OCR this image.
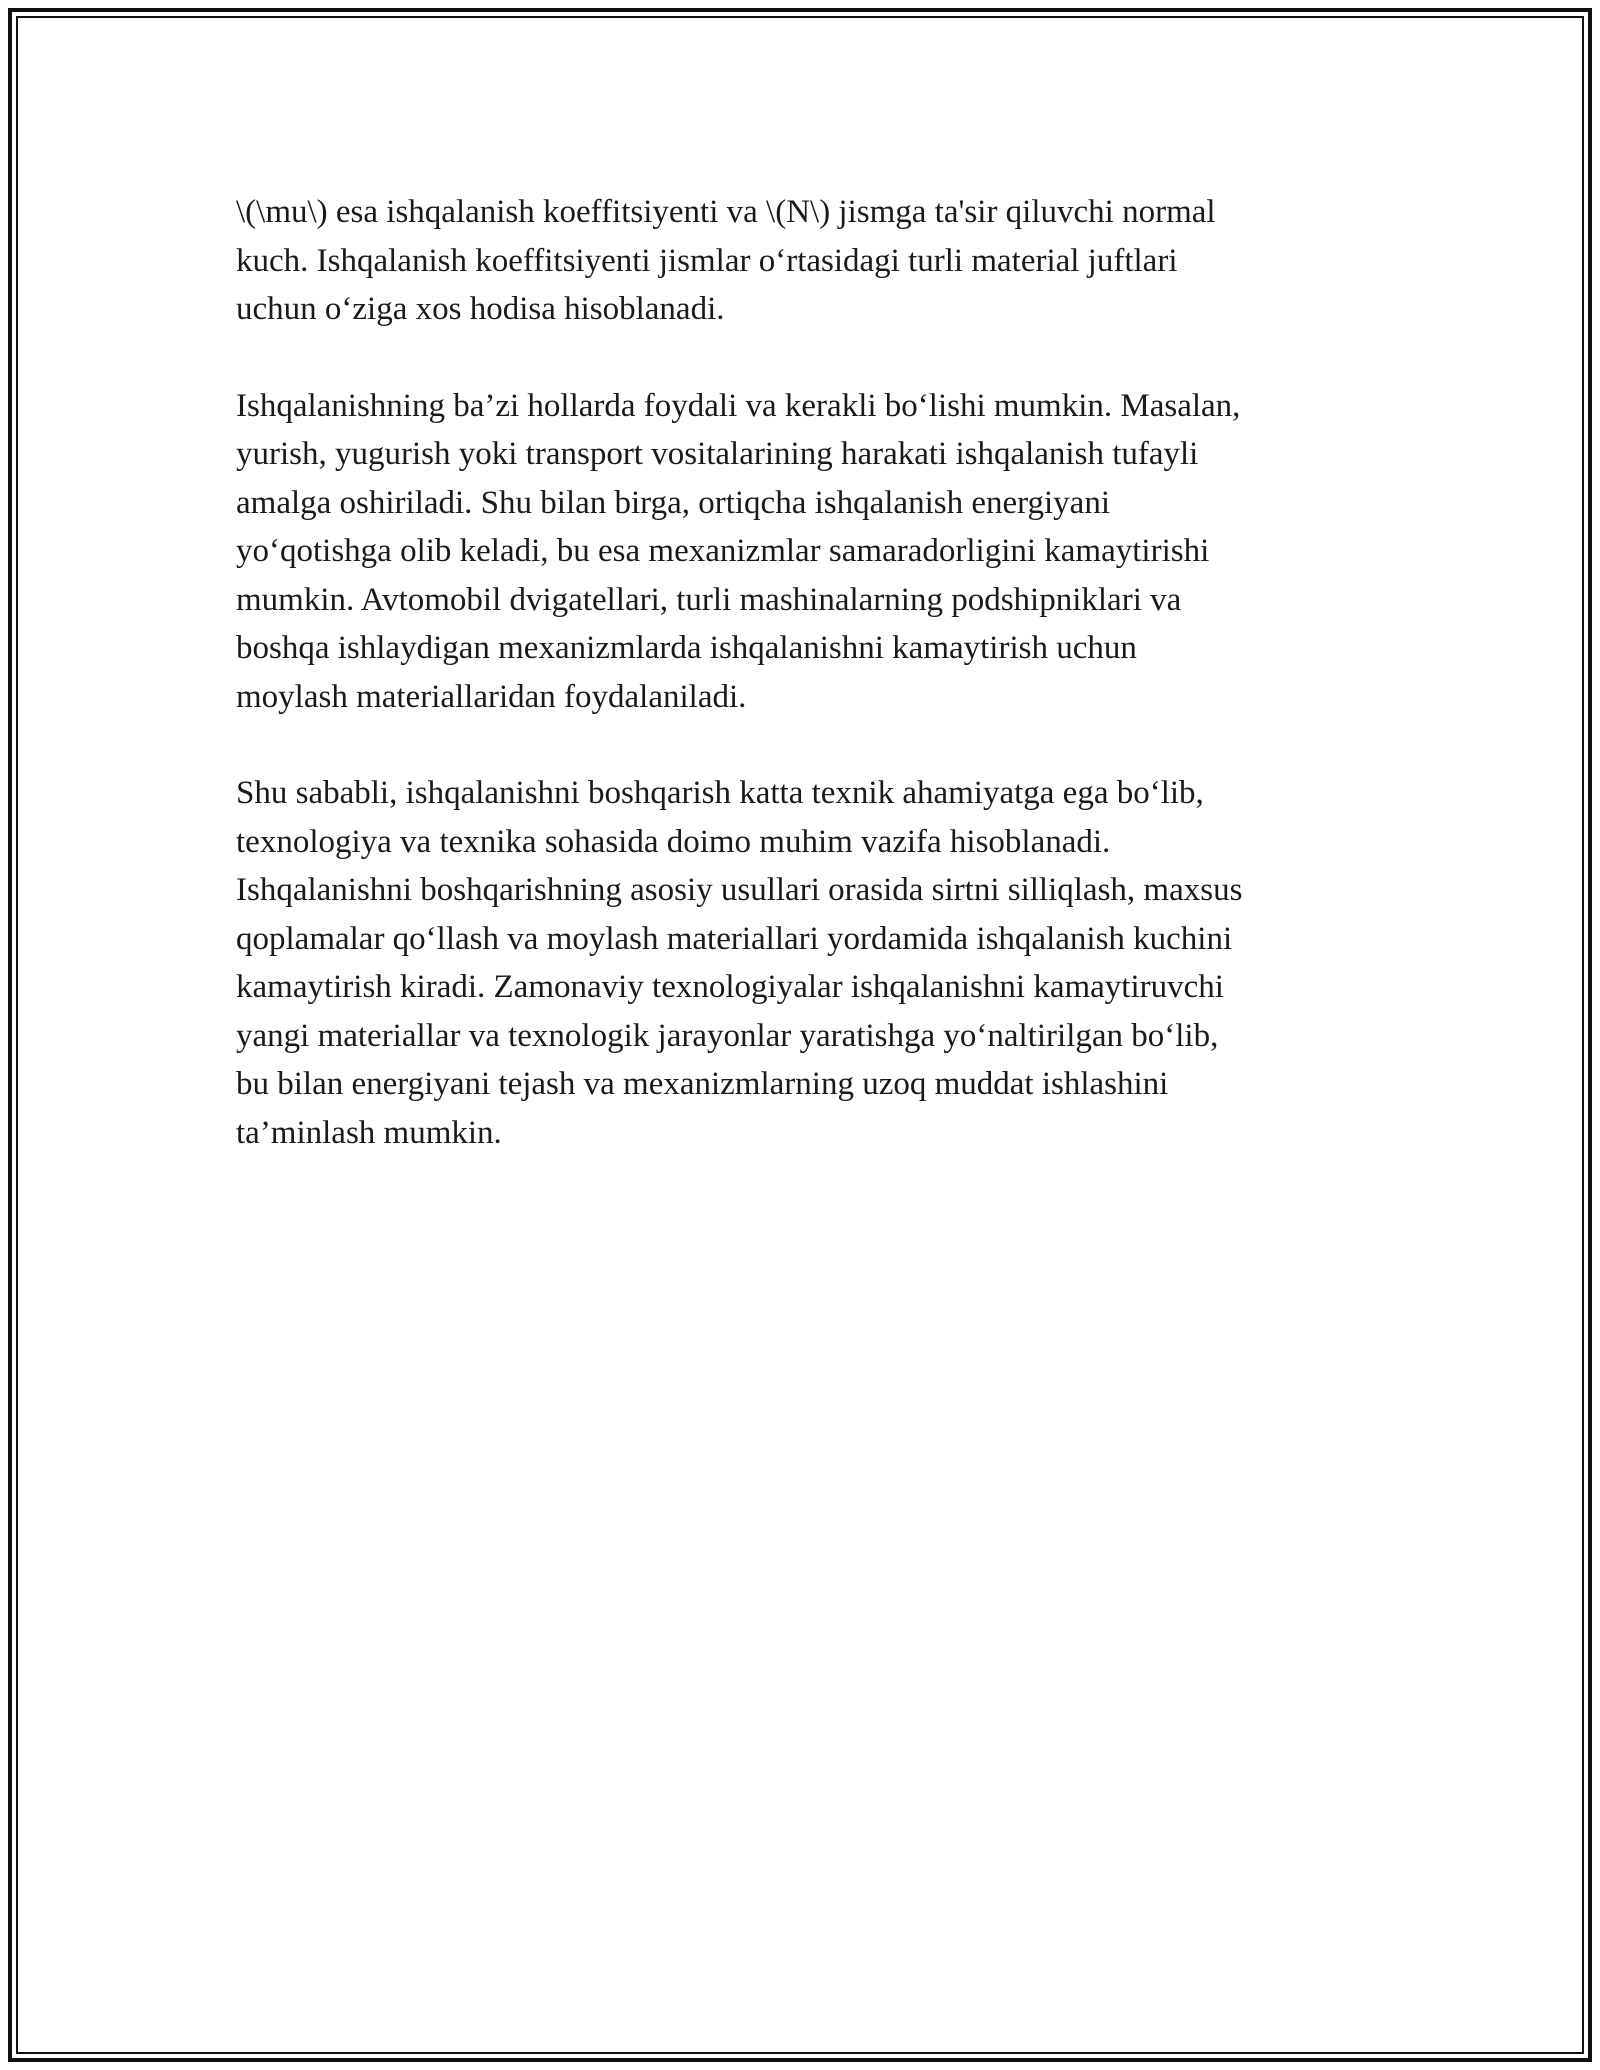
\(\mu\) esa ishqalanish koeffitsiyenti va \(N\) jismga ta'sir qiluvchi normal
kuch. Ishqalanish koeffitsiyenti jismlar o‘rtasidagi turli material juftlari
uchun o‘ziga xos hodisa hisoblanadi.

Ishqalanishning ba’zi hollarda foydali va kerakli bo‘lishi mumkin. Masalan,
yurish, yugurish yoki transport vositalarining harakati ishqalanish tufayli
amalga oshiriladi. Shu bilan birga, ortiqcha ishqalanish energiyani
yo‘qotishga olib keladi, bu esa mexanizmlar samaradorligini kamaytirishi
mumkin. Avtomobil dvigatellari, turli mashinalarning podshipniklari va
boshqa ishlaydigan mexanizmlarda ishqalanishni kamaytirish uchun
moylash materiallaridan foydalaniladi.

Shu sababli, ishqalanishni boshqarish katta texnik ahamiyatga ega bo‘lib,
texnologiya va texnika sohasida doimo muhim vazifa hisoblanadi.
Ishqalanishni boshqarishning asosiy usullari orasida sirtni silliqlash, maxsus
qoplamalar qo‘llash va moylash materiallari yordamida ishqalanish kuchini
kamaytirish kiradi. Zamonaviy texnologiyalar ishqalanishni kamaytiruvchi
yangi materiallar va texnologik jarayonlar yaratishga yo‘naltirilgan bo‘lib,
bu bilan energiyani tejash va mexanizmlarning uzoq muddat ishlashini
ta’minlash mumkin.
